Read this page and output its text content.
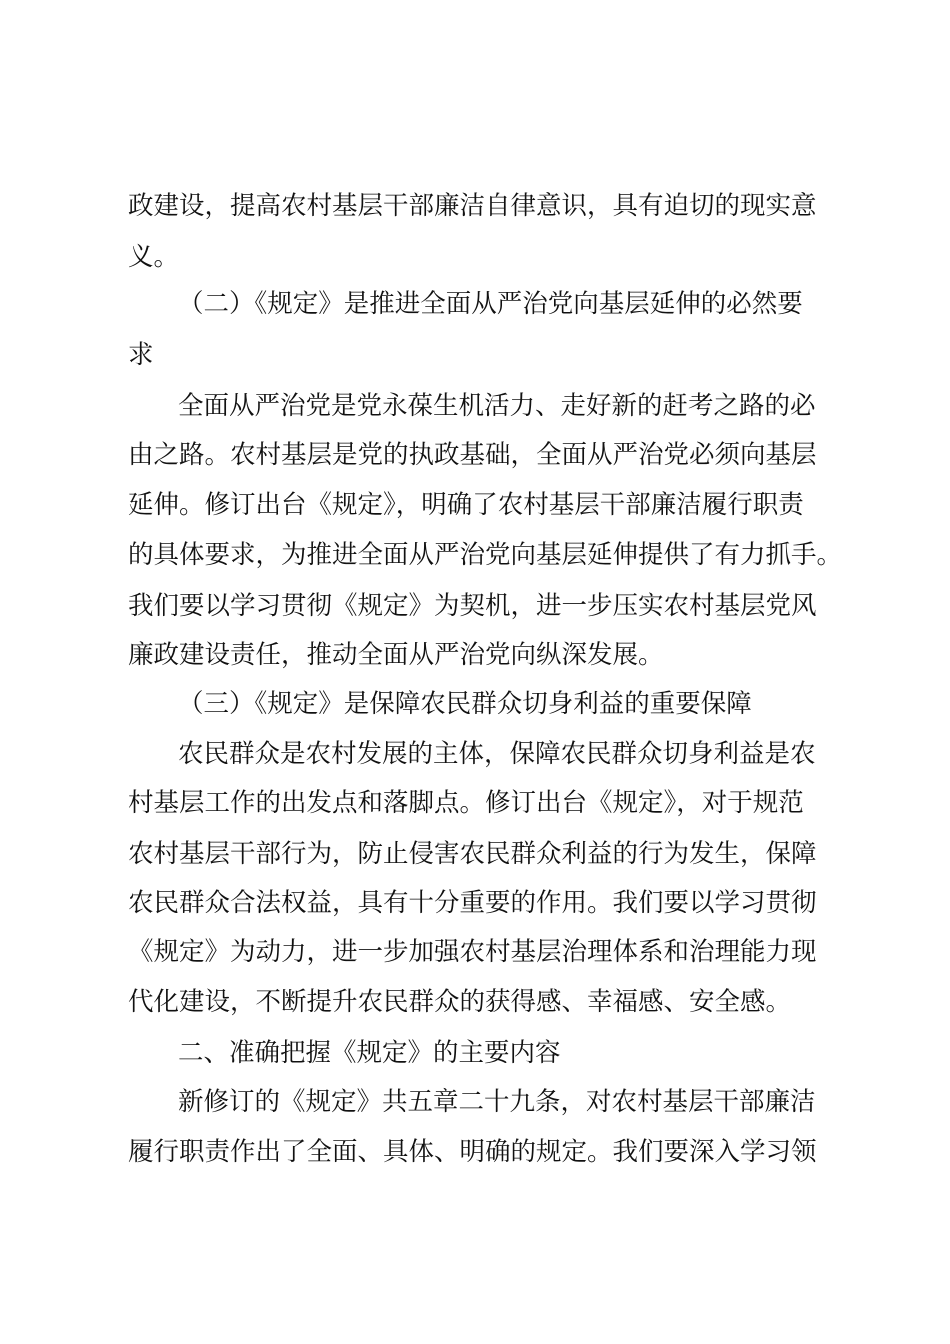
政建设，提高农村基层干部廉洁自律意识，具有迫切的现实意

义。

（二）《规定》是推进全面从严治党向基层延伸的必然要

求

全面从严治党是党永葆生机活力、走好新的赶考之路的必

由之路。农村基层是党的执政基础，全面从严治党必须向基层

延伸。修订出台《规定》，明确了农村基层干部廉洁履行职责

的具体要求，为推进全面从严治党向基层延伸提供了有力抓手。

我们要以学习贯彻《规定》为契机，进一步压实农村基层党风

廉政建设责任，推动全面从严治党向纵深发展。

（三）《规定》是保障农民群众切身利益的重要保障

农民群众是农村发展的主体，保障农民群众切身利益是农

村基层工作的出发点和落脚点。修订出台《规定》，对于规范

农村基层干部行为，防止侵害农民群众利益的行为发生，保障

农民群众合法权益，具有十分重要的作用。我们要以学习贯彻

《规定》为动力，进一步加强农村基层治理体系和治理能力现

代化建设，不断提升农民群众的获得感、幸福感、安全感。

二、准确把握《规定》的主要内容

新修订的《规定》共五章二十九条，对农村基层干部廉洁

履行职责作出了全面、具体、明确的规定。我们要深入学习领
